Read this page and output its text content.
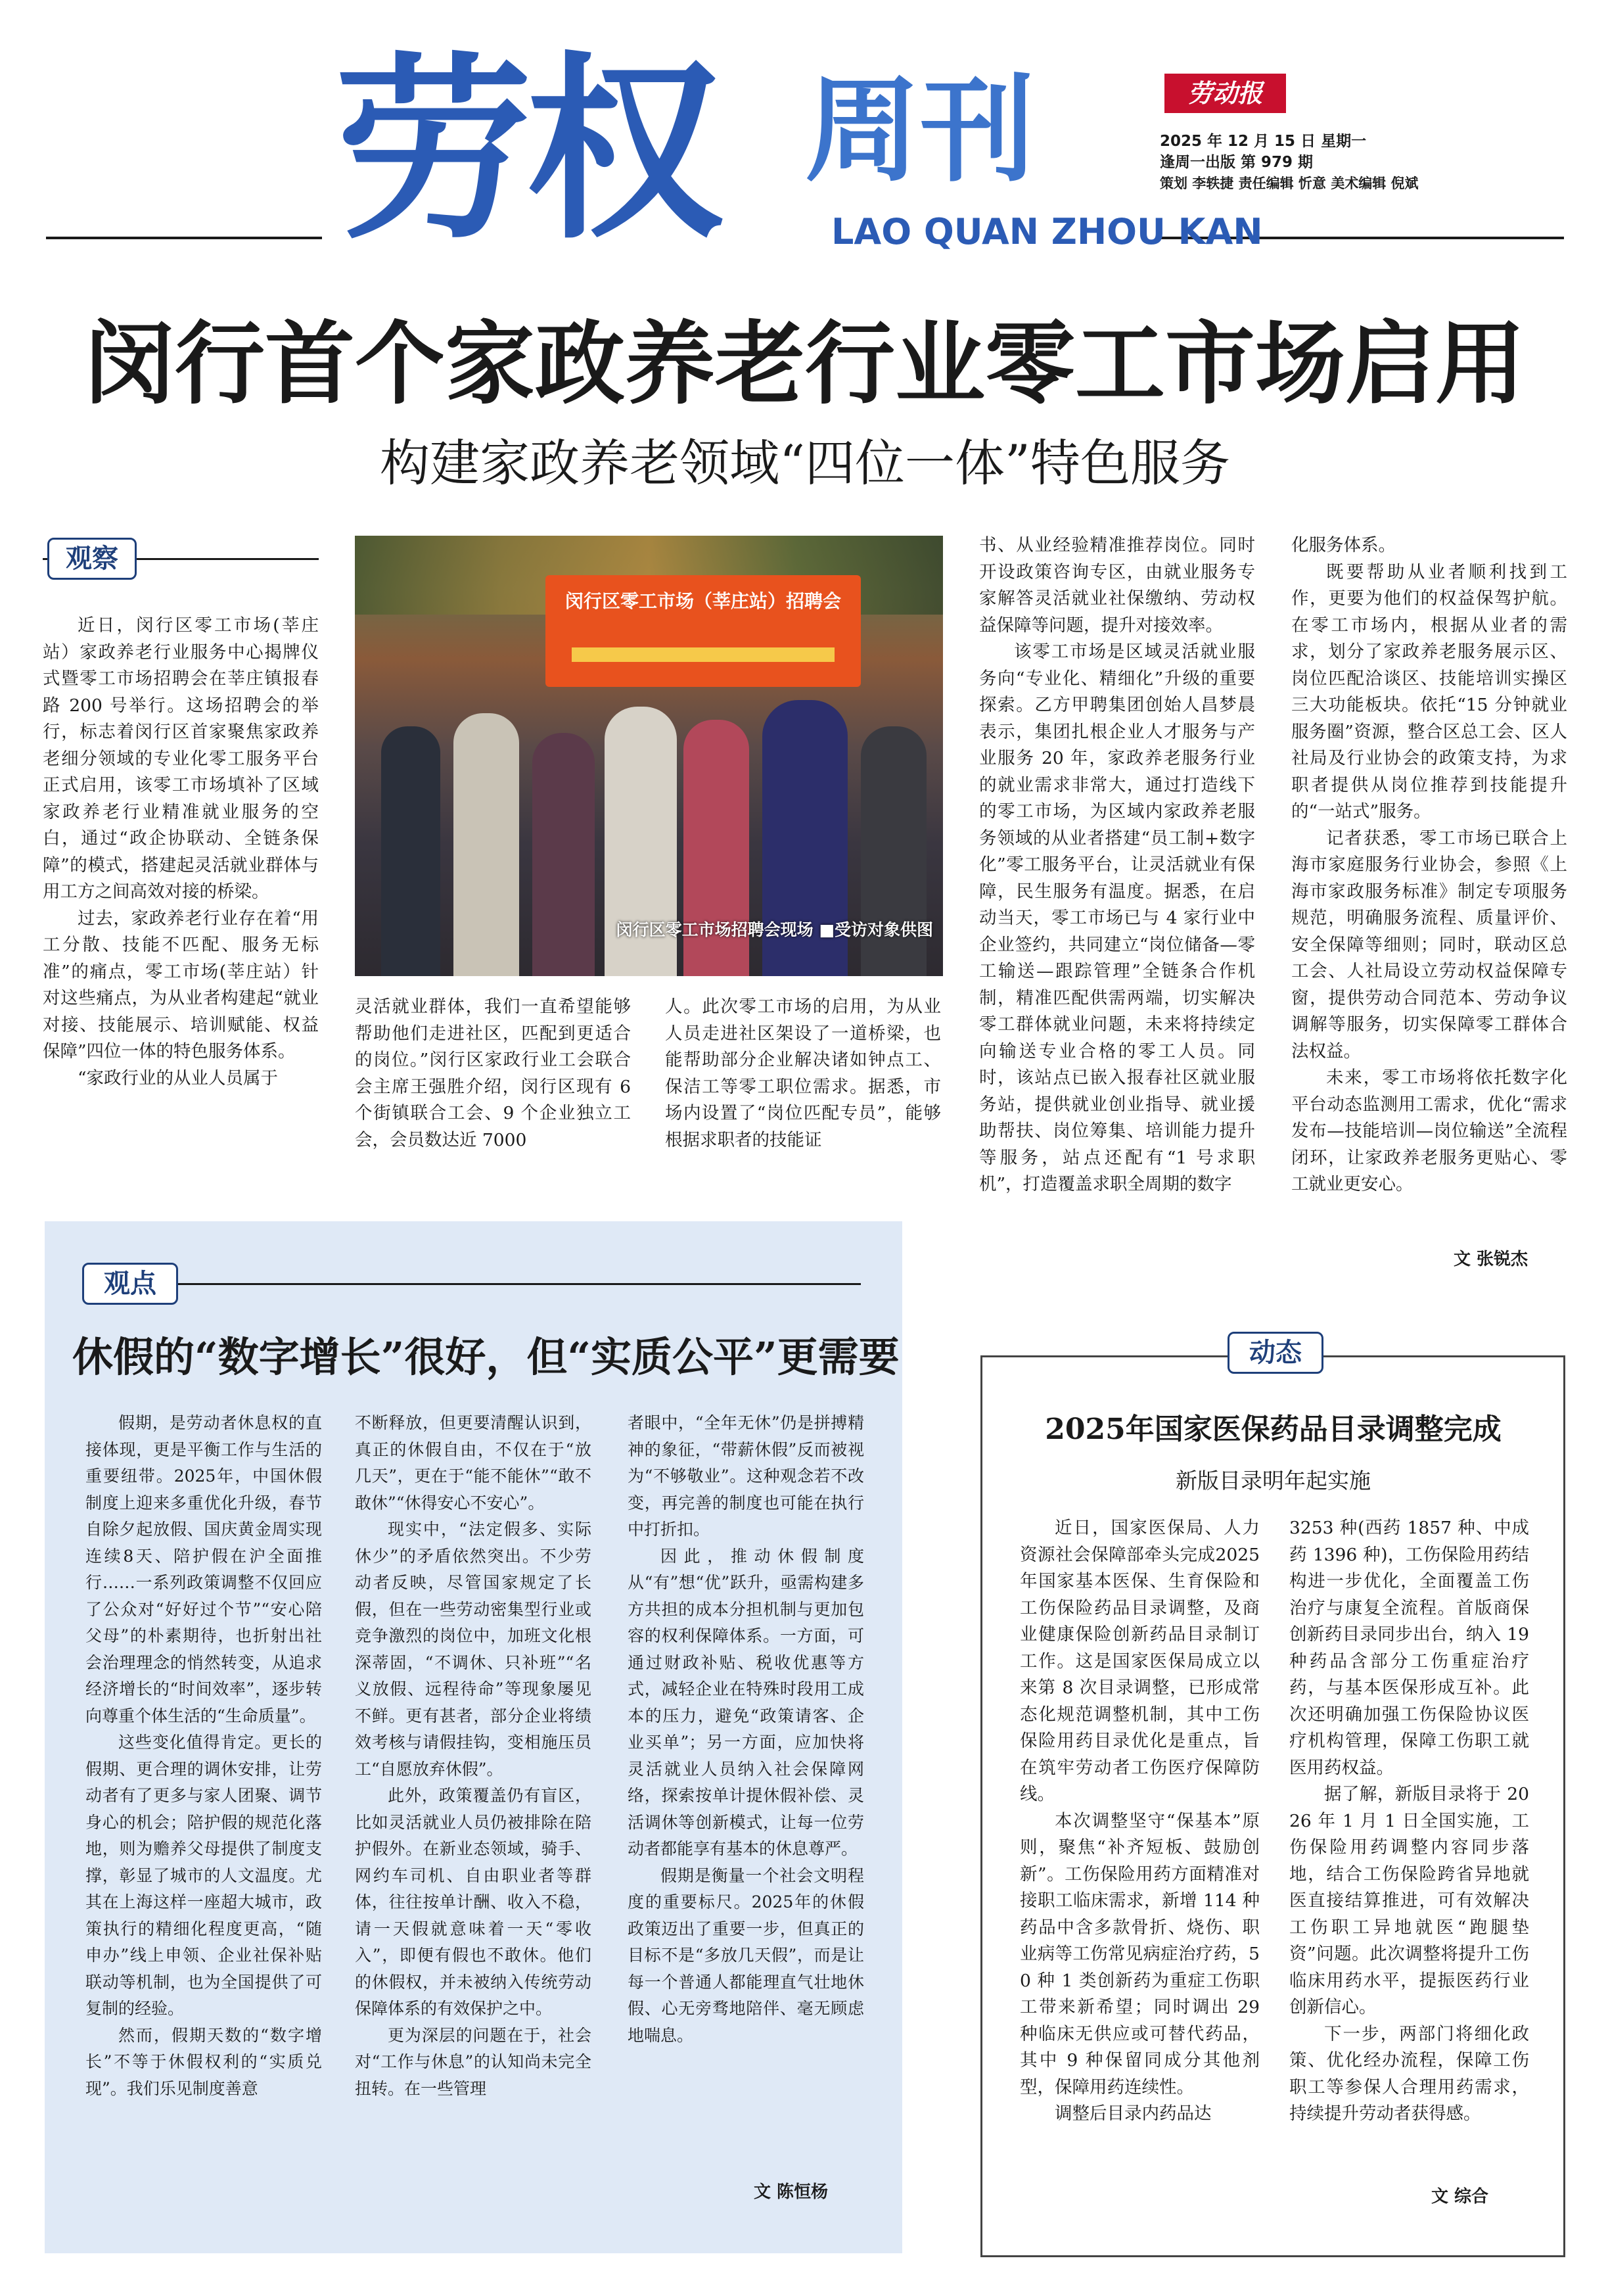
劳权 周刊
LAO QUAN ZHOU KAN
劳动报
2025 年 12 月 15 日 星期一
逢周一出版 第 979 期
策划 李轶捷 责任编辑 忻意 美术编辑 倪斌
闵行首个家政养老行业零工市场启用
构建家政养老领域“四位一体”特色服务
观察
闵行区零工市场（莘庄站）招聘会
闵行区零工市场招聘会现场 ■受访对象供图

近日，闵行区零工市场(莘庄站）家政养老行业服务中心揭牌仪式暨零工市场招聘会在莘庄镇报春路 200 号举行。这场招聘会的举行，标志着闵行区首家聚焦家政养老细分领域的专业化零工服务平台正式启用，该零工市场填补了区域家政养老行业精准就业服务的空白，通过“政企协联动、全链条保障”的模式，搭建起灵活就业群体与用工方之间高效对接的桥梁。

过去，家政养老行业存在着“用工分散、技能不匹配、服务无标准”的痛点，零工市场(莘庄站）针对这些痛点，为从业者构建起“就业对接、技能展示、培训赋能、权益保障”四位一体的特色服务体系。

“家政行业的从业人员属于

灵活就业群体，我们一直希望能够帮助他们走进社区，匹配到更适合的岗位。”闵行区家政行业工会联合会主席王强胜介绍，闵行区现有 6 个街镇联合工会、9 个企业独立工会，会员数达近 7000

人。此次零工市场的启用，为从业人员走进社区架设了一道桥梁，也能帮助部分企业解决诸如钟点工、保洁工等零工职位需求。据悉，市场内设置了“岗位匹配专员”，能够根据求职者的技能证

书、从业经验精准推荐岗位。同时开设政策咨询专区，由就业服务专家解答灵活就业社保缴纳、劳动权益保障等问题，提升对接效率。

该零工市场是区域灵活就业服务向“专业化、精细化”升级的重要探索。乙方甲聘集团创始人昌梦晨表示，集团扎根企业人才服务与产业服务 20 年，家政养老服务行业的就业需求非常大，通过打造线下的零工市场，为区域内家政养老服务领域的从业者搭建“员工制+数字化”零工服务平台，让灵活就业有保障，民生服务有温度。据悉，在启动当天，零工市场已与 4 家行业中企业签约，共同建立“岗位储备—零工输送—跟踪管理”全链条合作机制，精准匹配供需两端，切实解决零工群体就业问题，未来将持续定向输送专业合格的零工人员。同时，该站点已嵌入报春社区就业服务站，提供就业创业指导、就业援助帮扶、岗位筹集、培训能力提升等服务，站点还配有“1 号求职机”，打造覆盖求职全周期的数字

化服务体系。

既要帮助从业者顺利找到工作，更要为他们的权益保驾护航。在零工市场内，根据从业者的需求，划分了家政养老服务展示区、岗位匹配洽谈区、技能培训实操区三大功能板块。依托“15 分钟就业服务圈”资源，整合区总工会、区人社局及行业协会的政策支持，为求职者提供从岗位推荐到技能提升的“一站式”服务。

记者获悉，零工市场已联合上海市家庭服务行业协会，参照《上海市家政服务标准》制定专项服务规范，明确服务流程、质量评价、安全保障等细则；同时，联动区总工会、人社局设立劳动权益保障专窗，提供劳动合同范本、劳动争议调解等服务，切实保障零工群体合法权益。

未来，零工市场将依托数字化平台动态监测用工需求，优化“需求发布—技能培训—岗位输送”全流程闭环，让家政养老服务更贴心、零工就业更安心。

文 张锐杰
观点
休假的“数字增长”很好，但“实质公平”更需要

假期，是劳动者休息权的直接体现，更是平衡工作与生活的重要纽带。2025年，中国休假制度上迎来多重优化升级，春节自除夕起放假、国庆黄金周实现连续8天、陪护假在沪全面推行……一系列政策调整不仅回应了公众对“好好过个节”“安心陪父母”的朴素期待，也折射出社会治理理念的悄然转变，从追求经济增长的“时间效率”，逐步转向尊重个体生活的“生命质量”。

这些变化值得肯定。更长的假期、更合理的调休安排，让劳动者有了更多与家人团聚、调节身心的机会；陪护假的规范化落地，则为赡养父母提供了制度支撑，彰显了城市的人文温度。尤其在上海这样一座超大城市，政策执行的精细化程度更高，“随申办”线上申领、企业社保补贴联动等机制，也为全国提供了可复制的经验。

然而，假期天数的“数字增长”不等于休假权利的“实质兑现”。我们乐见制度善意

不断释放，但更要清醒认识到，真正的休假自由，不仅在于“放几天”，更在于“能不能休”“敢不敢休”“休得安心不安心”。

现实中，“法定假多、实际休少”的矛盾依然突出。不少劳动者反映，尽管国家规定了长假，但在一些劳动密集型行业或竞争激烈的岗位中，加班文化根深蒂固，“不调休、只补班”“名义放假、远程待命”等现象屡见不鲜。更有甚者，部分企业将绩效考核与请假挂钩，变相施压员工“自愿放弃休假”。

此外，政策覆盖仍有盲区，比如灵活就业人员仍被排除在陪护假外。在新业态领域，骑手、网约车司机、自由职业者等群体，往往按单计酬、收入不稳，请一天假就意味着一天“零收入”，即便有假也不敢休。他们的休假权，并未被纳入传统劳动保障体系的有效保护之中。

更为深层的问题在于，社会对“工作与休息”的认知尚未完全扭转。在一些管理

者眼中，“全年无休”仍是拼搏精神的象征，“带薪休假”反而被视为“不够敬业”。这种观念若不改变，再完善的制度也可能在执行中打折扣。

因此，推动休假制度从“有”想“优”跃升，亟需构建多方共担的成本分担机制与更加包容的权利保障体系。一方面，可通过财政补贴、税收优惠等方式，减轻企业在特殊时段用工成本的压力，避免“政策请客、企业买单”；另一方面，应加快将灵活就业人员纳入社会保障网络，探索按单计提休假补偿、灵活调休等创新模式，让每一位劳动者都能享有基本的休息尊严。

假期是衡量一个社会文明程度的重要标尺。2025年的休假政策迈出了重要一步，但真正的目标不是“多放几天假”，而是让每一个普通人都能理直气壮地休假、心无旁骛地陪伴、毫无顾虑地喘息。

文 陈恒杨
动态
2025年国家医保药品目录调整完成
新版目录明年起实施

近日，国家医保局、人力资源社会保障部牵头完成2025 年国家基本医保、生育保险和工伤保险药品目录调整，及商业健康保险创新药品目录制订工作。这是国家医保局成立以来第 8 次目录调整，已形成常态化规范调整机制，其中工伤保险用药目录优化是重点，旨在筑牢劳动者工伤医疗保障防线。

本次调整坚守“保基本”原则，聚焦“补齐短板、鼓励创新”。工伤保险用药方面精准对接职工临床需求，新增 114 种药品中含多款骨折、烧伤、职业病等工伤常见病症治疗药，50 种 1 类创新药为重症工伤职工带来新希望；同时调出 29 种临床无供应或可替代药品，其中 9 种保留同成分其他剂型，保障用药连续性。

调整后目录内药品达

3253 种(西药 1857 种、中成药 1396 种)，工伤保险用药结构进一步优化，全面覆盖工伤治疗与康复全流程。首版商保创新药目录同步出台，纳入 19 种药品含部分工伤重症治疗药，与基本医保形成互补。此次还明确加强工伤保险协议医疗机构管理，保障工伤职工就医用药权益。

据了解，新版目录将于 2026 年 1 月 1 日全国实施，工伤保险用药调整内容同步落地，结合工伤保险跨省异地就医直接结算推进，可有效解决工伤职工异地就医“跑腿垫资”问题。此次调整将提升工伤临床用药水平，提振医药行业创新信心。

下一步，两部门将细化政策、优化经办流程，保障工伤职工等参保人合理用药需求，持续提升劳动者获得感。

文 综合
